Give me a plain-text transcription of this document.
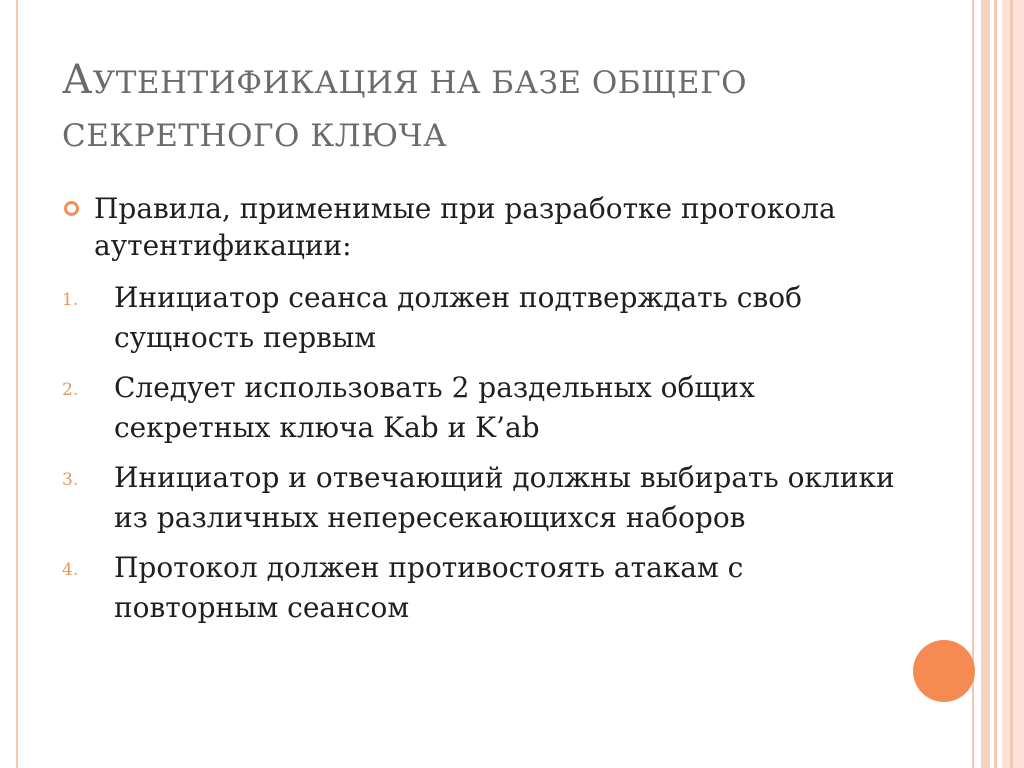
АУТЕНТИФИКАЦИЯ НА БАЗЕ ОБЩЕГО
СЕКРЕТНОГО КЛЮЧА
Правила, применимые при разработке протокола аутентификации:
1. Инициатор сеанса должен подтверждать своб сущность первым
2. Следует использовать 2 раздельных общих секретных ключа Kab и K’ab
3. Инициатор и отвечающий должны выбирать оклики из различных непересекающихся наборов
4. Протокол должен противостоять атакам с повторным сеансом
